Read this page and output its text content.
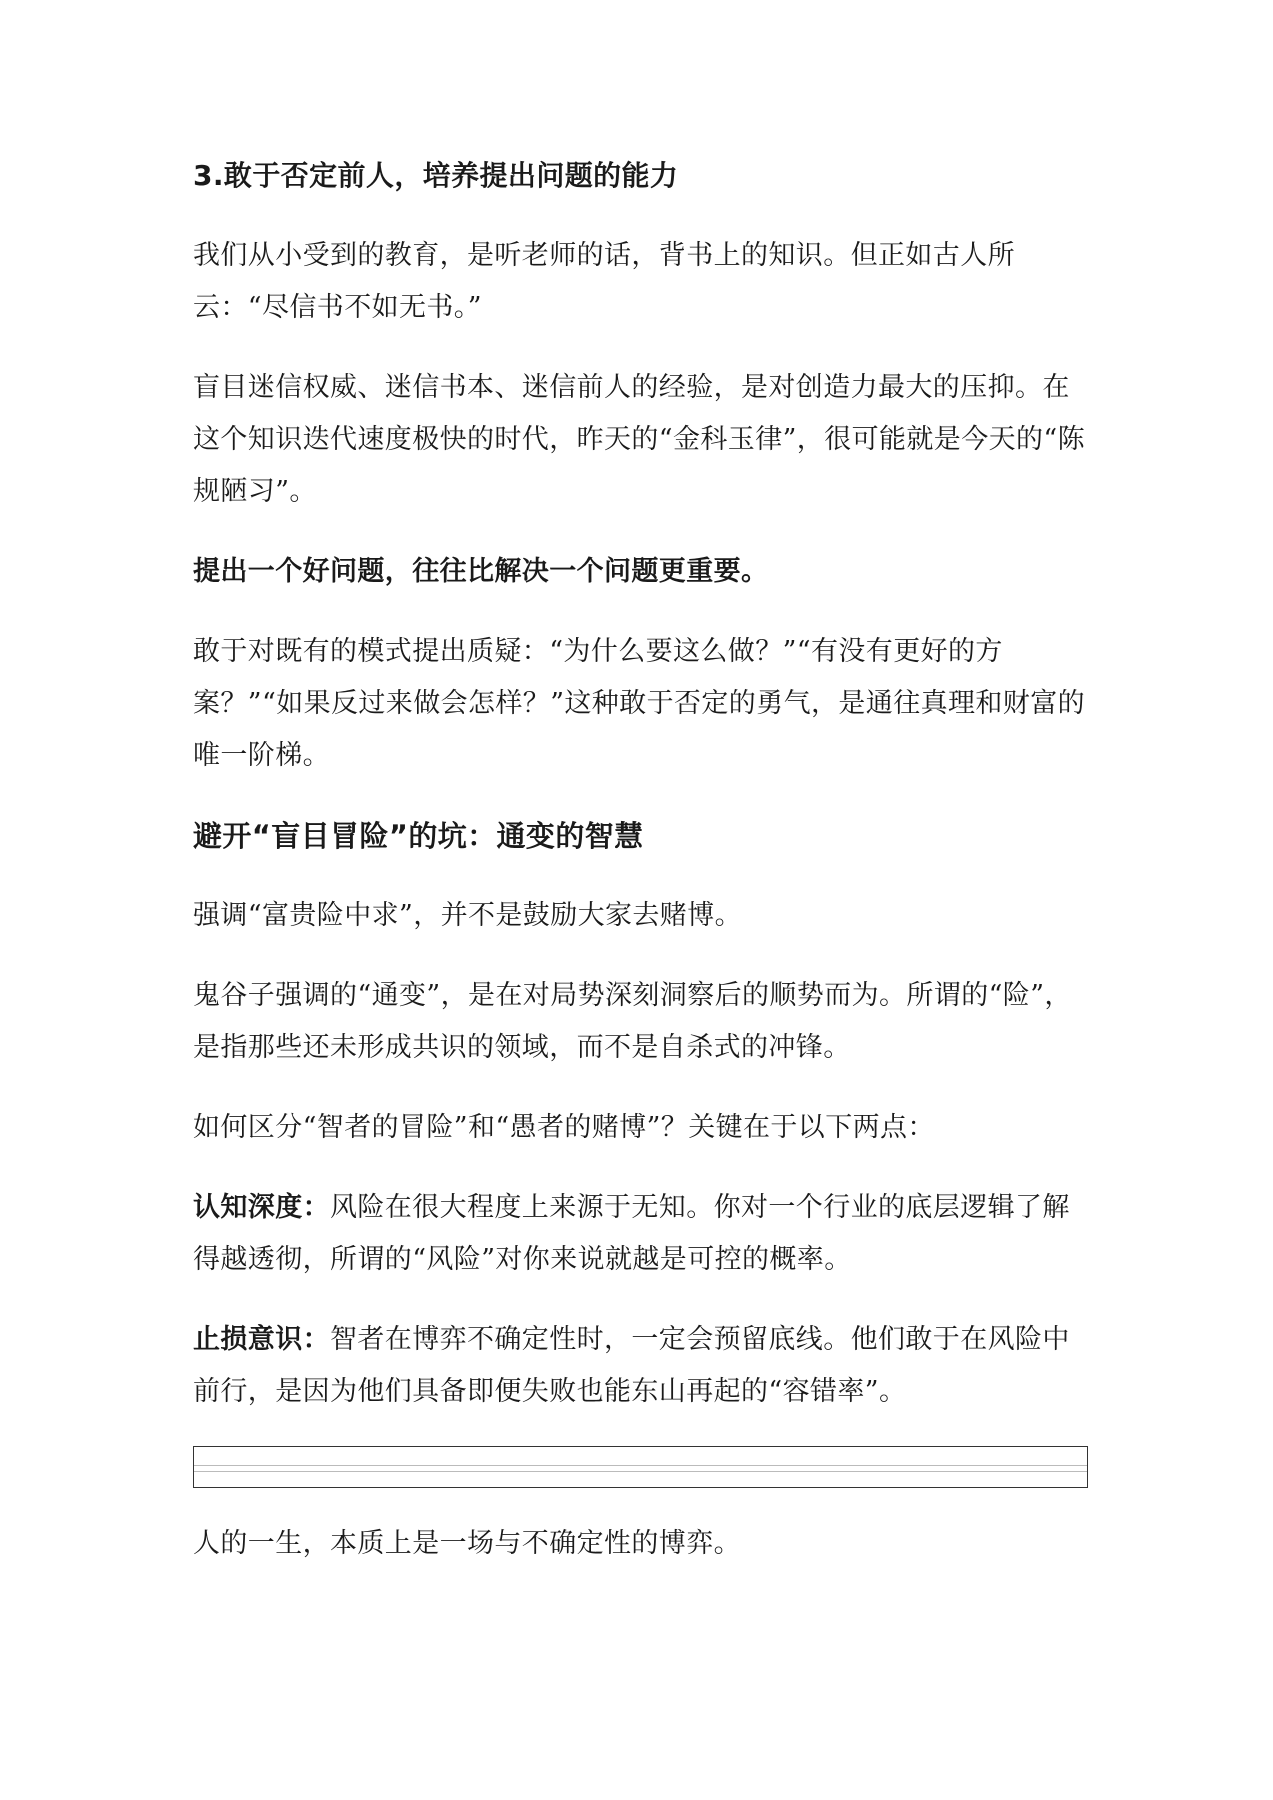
3.敢于否定前人，培养提出问题的能力
我们从小受到的教育，是听老师的话，背书上的知识。但正如古人所云：“尽信书不如无书。”
盲目迷信权威、迷信书本、迷信前人的经验，是对创造力最大的压抑。在这个知识迭代速度极快的时代，昨天的“金科玉律”，很可能就是今天的“陈规陋习”。
提出一个好问题，往往比解决一个问题更重要。
敢于对既有的模式提出质疑：“为什么要这么做？”“有没有更好的方案？”“如果反过来做会怎样？”这种敢于否定的勇气，是通往真理和财富的唯一阶梯。
避开“盲目冒险”的坑：通变的智慧
强调“富贵险中求”，并不是鼓励大家去赌博。
鬼谷子强调的“通变”，是在对局势深刻洞察后的顺势而为。所谓的“险”，是指那些还未形成共识的领域，而不是自杀式的冲锋。
如何区分“智者的冒险”和“愚者的赌博”？关键在于以下两点：
认知深度：风险在很大程度上来源于无知。你对一个行业的底层逻辑了解得越透彻，所谓的“风险”对你来说就越是可控的概率。
止损意识：智者在博弈不确定性时，一定会预留底线。他们敢于在风险中前行，是因为他们具备即便失败也能东山再起的“容错率”。
人的一生，本质上是一场与不确定性的博弈。
